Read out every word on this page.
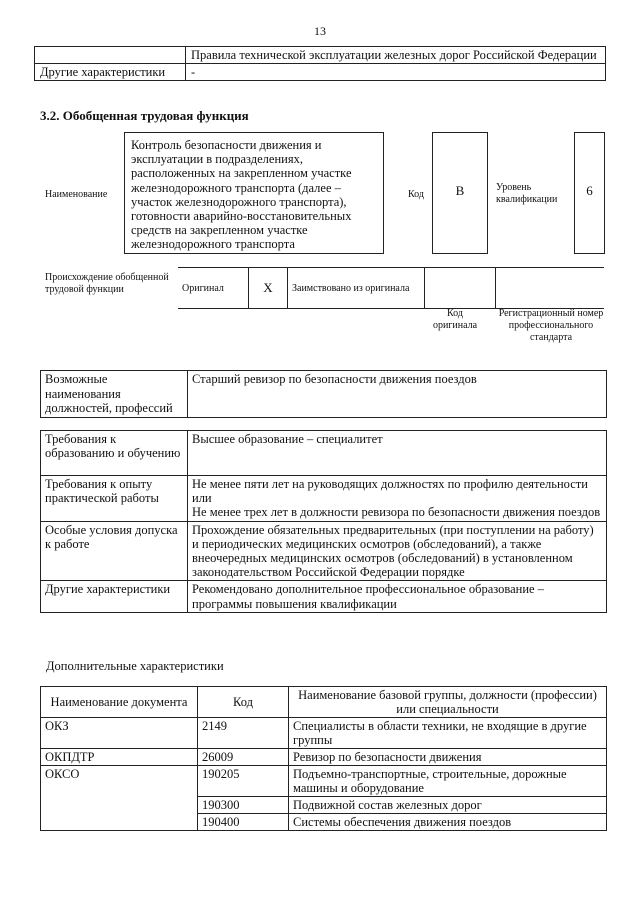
13
	Правила технической эксплуатации железных дорог Российской Федерации
Другие характеристики	-
3.2. Обобщенная трудовая функция
Наименование
Контроль безопасности движения и эксплуатации в подразделениях, расположенных на закрепленном участке железнодорожного транспорта (далее – участок железнодорожного транспорта), готовности аварийно-восстановительных средств на закрепленном участке железнодорожного транспорта
Код	B	Уровень квалификации
6
Происхождение обобщенной трудовой функции	Оригинал	X	Заимствовано из оригинала		
Код оригинала
Регистрационный номер профессионального стандарта
Возможные наименования должностей, профессий	Старший ревизор по безопасности движения поездов
Требования к образованию и обучению	Высшее образование – специалитет
Требования к опыту практической работы	Не менее пяти лет на руководящих должностях по профилю деятельности
или
Не менее трех лет в должности ревизора по безопасности движения поездов
Особые условия допуска к работе	Прохождение обязательных предварительных (при поступлении на работу) и периодических медицинских осмотров (обследований), а также внеочередных медицинских осмотров (обследований) в установленном законодательством Российской Федерации порядке
Другие характеристики	Рекомендовано дополнительное профессиональное образование – программы повышения квалификации
Дополнительные характеристики
Наименование документа	Код	Наименование базовой группы, должности (профессии) или специальности
ОКЗ	2149	Специалисты в области техники, не входящие в другие группы
ОКПДТР	26009	Ревизор по безопасности движения
ОКСО	190205	Подъемно-транспортные, строительные, дорожные машины и оборудование
	190300	Подвижной состав железных дорог
	190400	Системы обеспечения движения поездов
